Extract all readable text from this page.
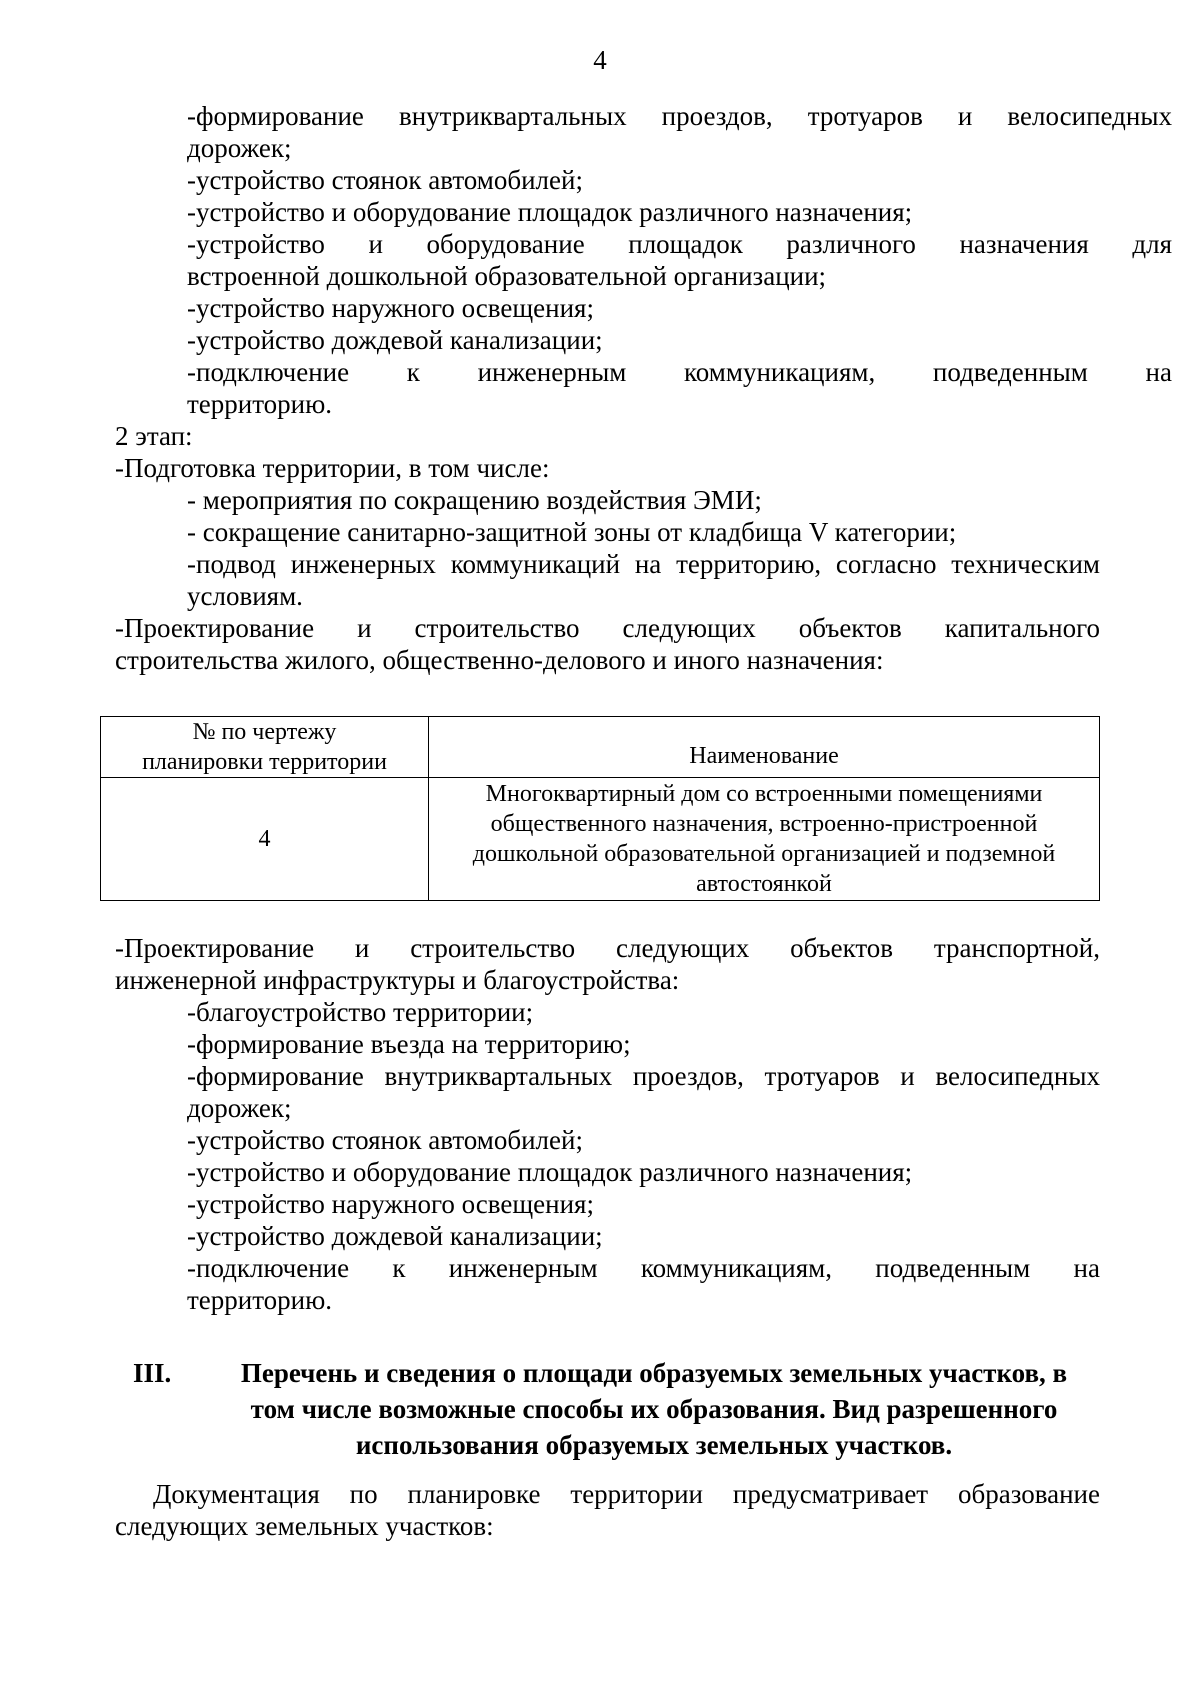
4
-формирование внутриквартальных проездов, тротуаров и велосипедных
дорожек;
-устройство стоянок автомобилей;
-устройство и оборудование площадок различного назначения;
-устройство и оборудование площадок различного назначения для
встроенной дошкольной образовательной организации;
-устройство наружного освещения;
-устройство дождевой канализации;
-подключение к инженерным коммуникациям, подведенным на
территорию.
2 этап:
-Подготовка территории, в том числе:
- мероприятия по сокращению воздействия ЭМИ;
- сокращение санитарно-защитной зоны от кладбища V категории;
-подвод инженерных коммуникаций на территорию, согласно техническим
условиям.
-Проектирование и строительство следующих объектов капитального
строительства жилого, общественно-делового и иного назначения:
№ по чертежу
планировки территории	Наименование
4	Многоквартирный дом со встроенными помещениями
общественного назначения, встроенно-пристроенной
дошкольной образовательной организацией и подземной
автостоянкой
-Проектирование и строительство следующих объектов транспортной,
инженерной инфраструктуры и благоустройства:
-благоустройство территории;
-формирование въезда на территорию;
-формирование внутриквартальных проездов, тротуаров и велосипедных
дорожек;
-устройство стоянок автомобилей;
-устройство и оборудование площадок различного назначения;
-устройство наружного освещения;
-устройство дождевой канализации;
-подключение к инженерным коммуникациям, подведенным на
территорию.
III.	Перечень и сведения о площади образуемых земельных участков, в
том числе возможные способы их образования. Вид разрешенного
использования образуемых земельных участков.
Документация по планировке территории предусматривает образование
следующих земельных участков:
